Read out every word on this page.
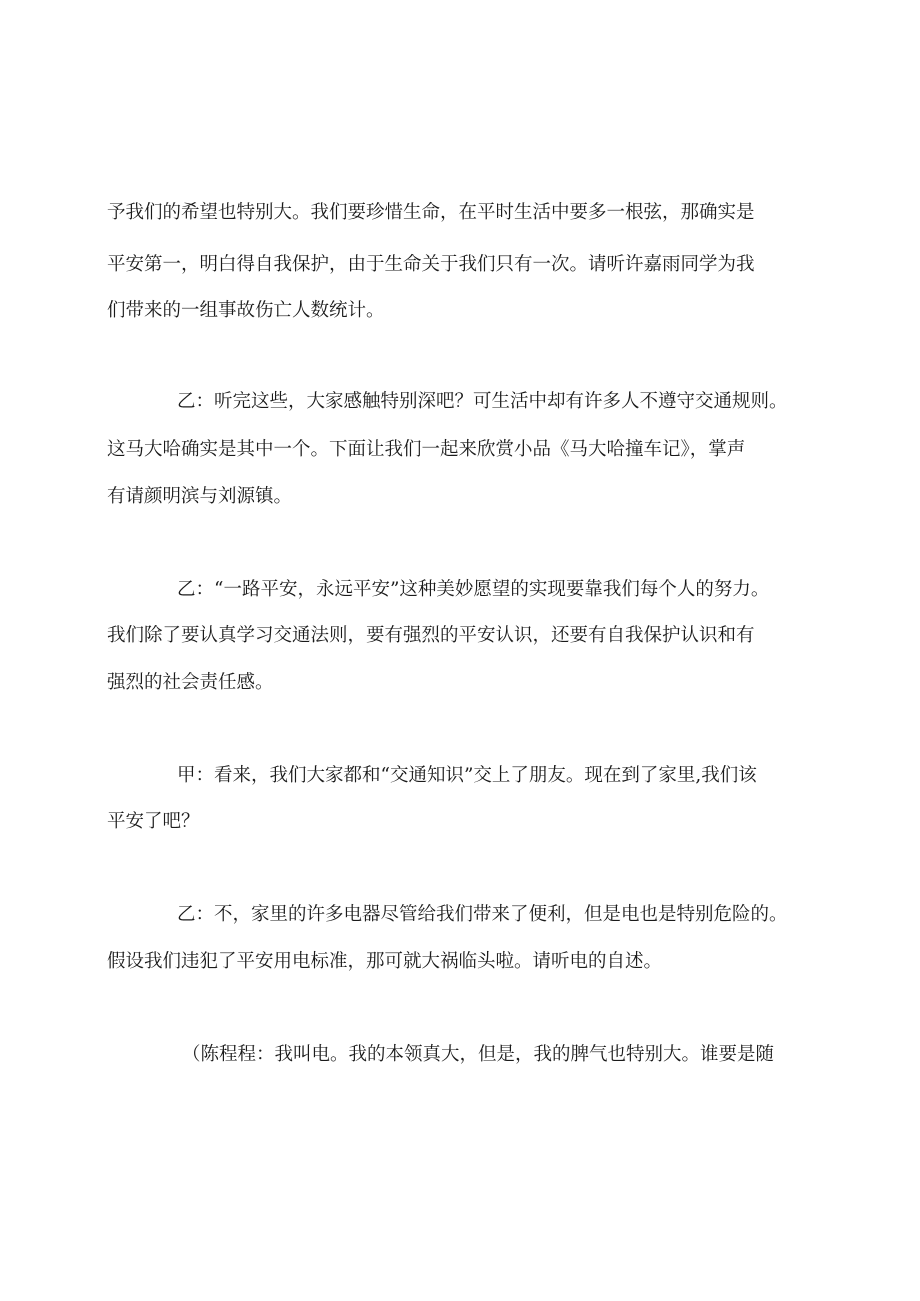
予我们的希望也特别大。我们要珍惜生命，在平时生活中要多一根弦，那确实是
平安第一，明白得自我保护，由于生命关于我们只有一次。请听许嘉雨同学为我
们带来的一组事故伤亡人数统计。
乙：听完这些，大家感触特别深吧？可生活中却有许多人不遵守交通规则。
这马大哈确实是其中一个。下面让我们一起来欣赏小品《马大哈撞车记》，掌声
有请颜明滨与刘源镇。
乙：“一路平安，永远平安”这种美妙愿望的实现要靠我们每个人的努力。
我们除了要认真学习交通法则，要有强烈的平安认识，还要有自我保护认识和有
强烈的社会责任感。
甲：看来，我们大家都和“交通知识”交上了朋友。现在到了家里,我们该
平安了吧？
乙：不，家里的许多电器尽管给我们带来了便利，但是电也是特别危险的。
假设我们违犯了平安用电标准，那可就大祸临头啦。请听电的自述。
（陈程程：我叫电。我的本领真大，但是，我的脾气也特别大。谁要是随
